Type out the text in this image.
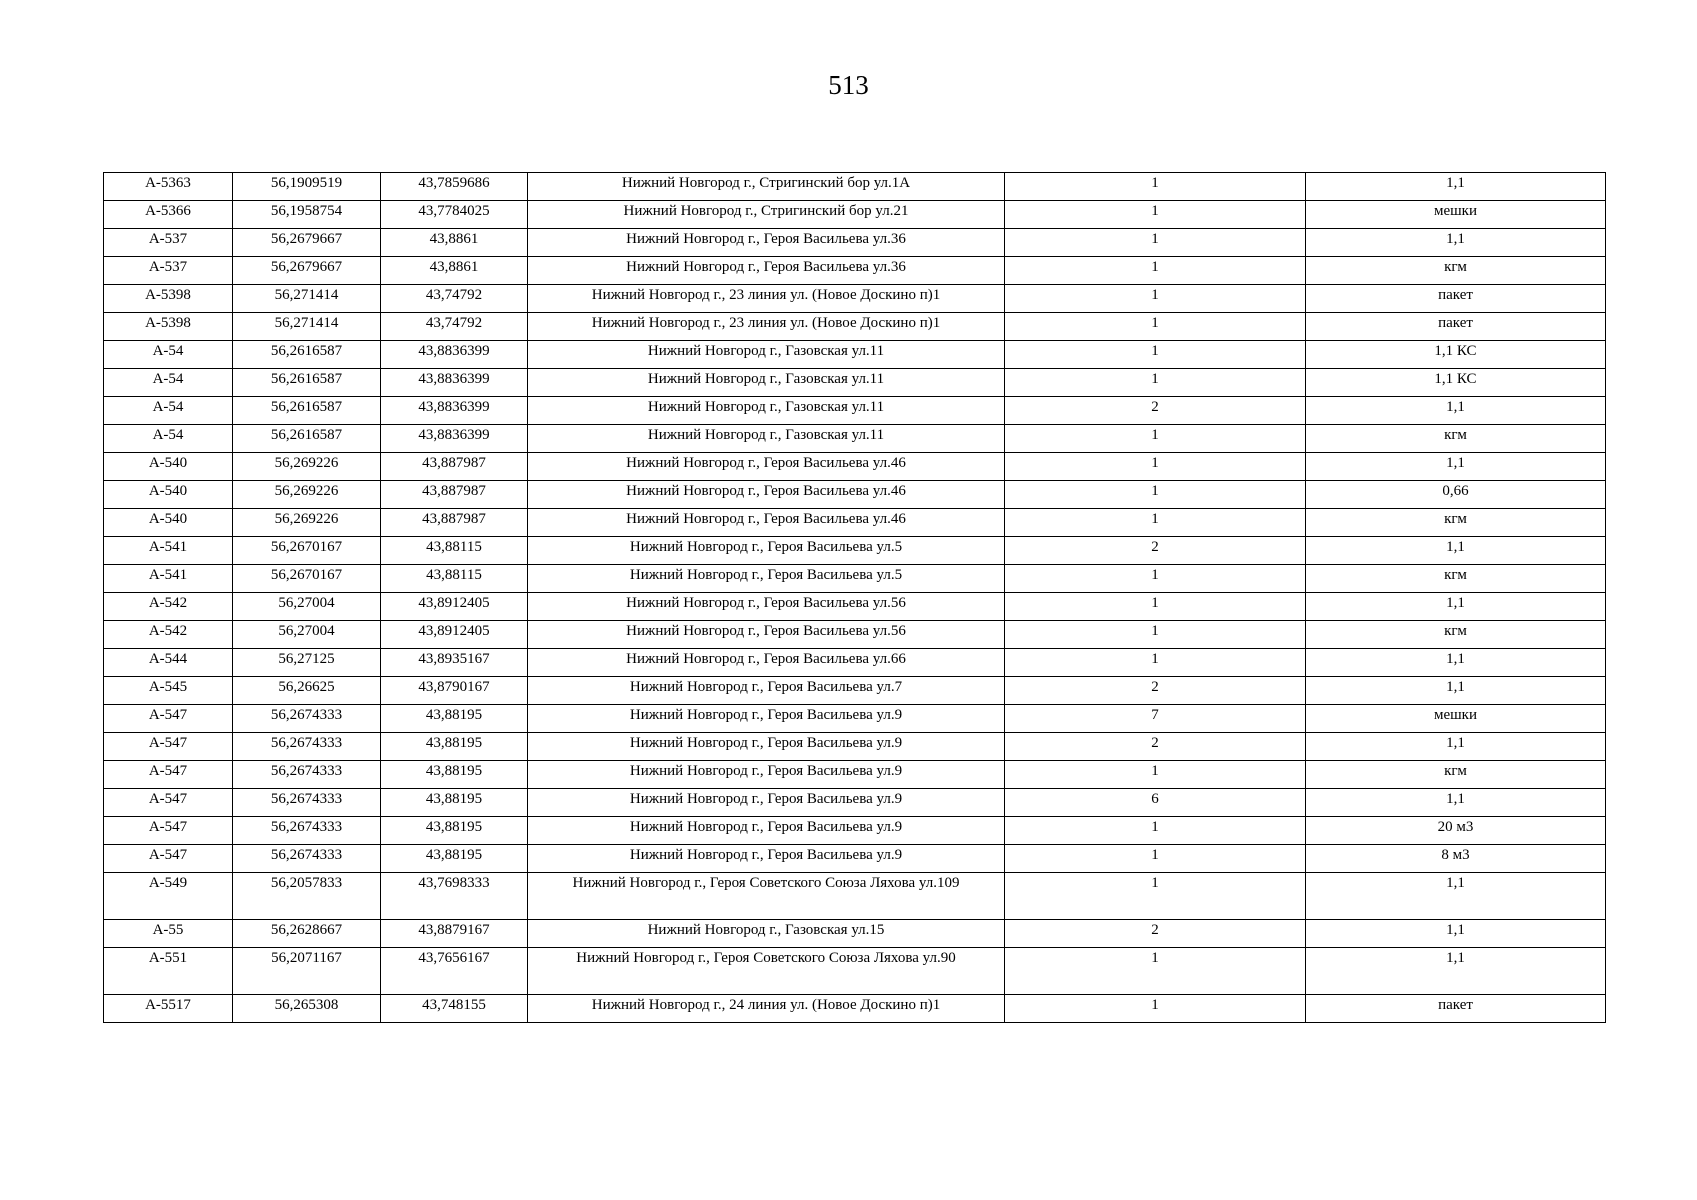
513
А-5363	56,1909519	43,7859686	Нижний Новгород г., Стригинский бор ул.1А	1	1,1
А-5366	56,1958754	43,7784025	Нижний Новгород г., Стригинский бор ул.21	1	мешки
А-537	56,2679667	43,8861	Нижний Новгород г., Героя Васильева ул.36	1	1,1
А-537	56,2679667	43,8861	Нижний Новгород г., Героя Васильева ул.36	1	кгм
А-5398	56,271414	43,74792	Нижний Новгород г., 23 линия ул. (Новое Доскино п)1	1	пакет
А-5398	56,271414	43,74792	Нижний Новгород г., 23 линия ул. (Новое Доскино п)1	1	пакет
А-54	56,2616587	43,8836399	Нижний Новгород г., Газовская ул.11	1	1,1 КС
А-54	56,2616587	43,8836399	Нижний Новгород г., Газовская ул.11	1	1,1 КС
А-54	56,2616587	43,8836399	Нижний Новгород г., Газовская ул.11	2	1,1
А-54	56,2616587	43,8836399	Нижний Новгород г., Газовская ул.11	1	кгм
А-540	56,269226	43,887987	Нижний Новгород г., Героя Васильева ул.46	1	1,1
А-540	56,269226	43,887987	Нижний Новгород г., Героя Васильева ул.46	1	0,66
А-540	56,269226	43,887987	Нижний Новгород г., Героя Васильева ул.46	1	кгм
А-541	56,2670167	43,88115	Нижний Новгород г., Героя Васильева ул.5	2	1,1
А-541	56,2670167	43,88115	Нижний Новгород г., Героя Васильева ул.5	1	кгм
А-542	56,27004	43,8912405	Нижний Новгород г., Героя Васильева ул.56	1	1,1
А-542	56,27004	43,8912405	Нижний Новгород г., Героя Васильева ул.56	1	кгм
А-544	56,27125	43,8935167	Нижний Новгород г., Героя Васильева ул.66	1	1,1
А-545	56,26625	43,8790167	Нижний Новгород г., Героя Васильева ул.7	2	1,1
А-547	56,2674333	43,88195	Нижний Новгород г., Героя Васильева ул.9	7	мешки
А-547	56,2674333	43,88195	Нижний Новгород г., Героя Васильева ул.9	2	1,1
А-547	56,2674333	43,88195	Нижний Новгород г., Героя Васильева ул.9	1	кгм
А-547	56,2674333	43,88195	Нижний Новгород г., Героя Васильева ул.9	6	1,1
А-547	56,2674333	43,88195	Нижний Новгород г., Героя Васильева ул.9	1	20 м3
А-547	56,2674333	43,88195	Нижний Новгород г., Героя Васильева ул.9	1	8 м3
А-549	56,2057833	43,7698333	Нижний Новгород г., Героя Советского Союза Ляхова ул.109	1	1,1
А-55	56,2628667	43,8879167	Нижний Новгород г., Газовская ул.15	2	1,1
А-551	56,2071167	43,7656167	Нижний Новгород г., Героя Советского Союза Ляхова ул.90	1	1,1
А-5517	56,265308	43,748155	Нижний Новгород г., 24 линия ул. (Новое Доскино п)1	1	пакет
